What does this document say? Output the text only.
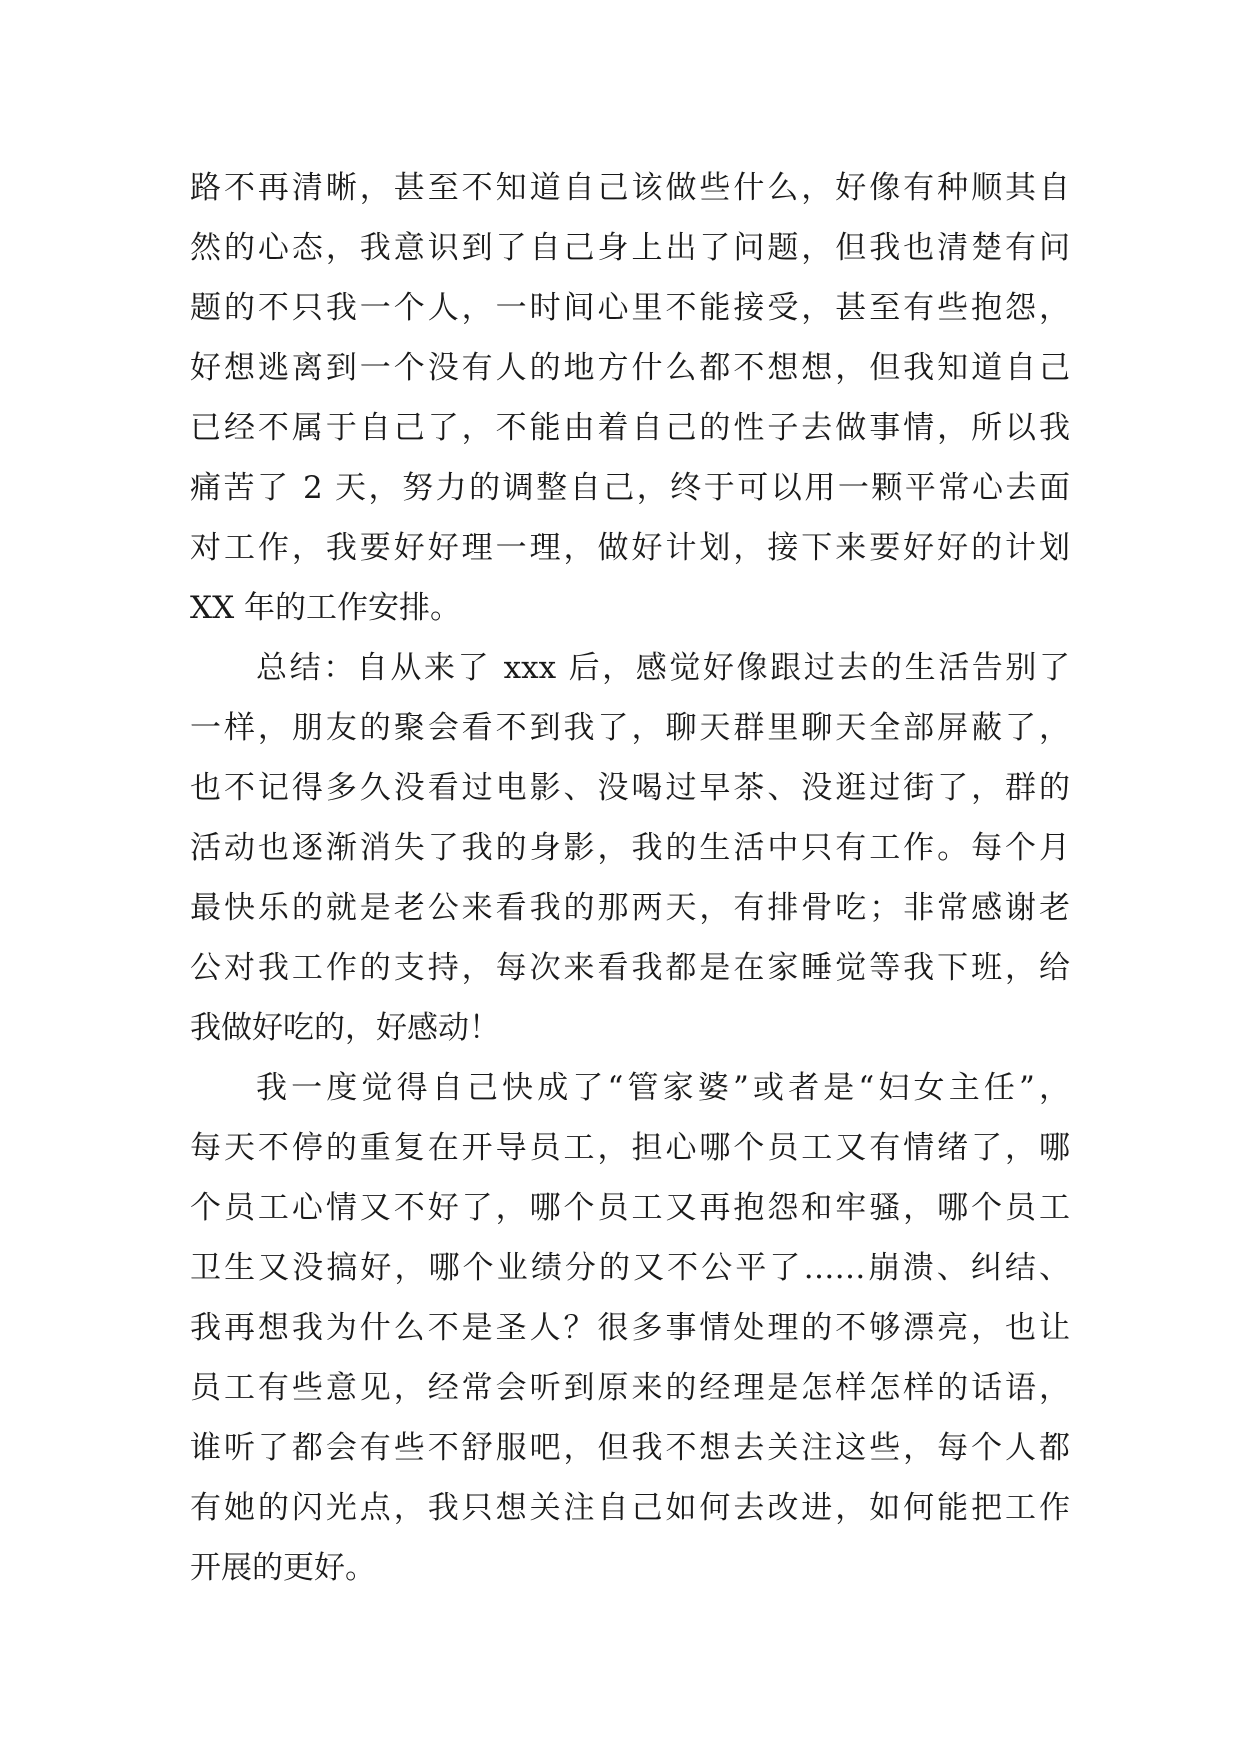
路不再清晰，甚至不知道自己该做些什么，好像有种顺其自
然的心态，我意识到了自己身上出了问题，但我也清楚有问
题的不只我一个人，一时间心里不能接受，甚至有些抱怨，
好想逃离到一个没有人的地方什么都不想想，但我知道自己
已经不属于自己了，不能由着自己的性子去做事情，所以我
痛苦了 2 天，努力的调整自己，终于可以用一颗平常心去面
对工作，我要好好理一理，做好计划，接下来要好好的计划
XX 年的工作安排。
总结：自从来了 xxx 后，感觉好像跟过去的生活告别了
一样，朋友的聚会看不到我了，聊天群里聊天全部屏蔽了，
也不记得多久没看过电影、没喝过早茶、没逛过街了，群的
活动也逐渐消失了我的身影，我的生活中只有工作。每个月
最快乐的就是老公来看我的那两天，有排骨吃；非常感谢老
公对我工作的支持，每次来看我都是在家睡觉等我下班，给
我做好吃的，好感动！
我一度觉得自己快成了“管家婆”或者是“妇女主任”，
每天不停的重复在开导员工，担心哪个员工又有情绪了，哪
个员工心情又不好了，哪个员工又再抱怨和牢骚，哪个员工
卫生又没搞好，哪个业绩分的又不公平了……崩溃、纠结、
我再想我为什么不是圣人？很多事情处理的不够漂亮，也让
员工有些意见，经常会听到原来的经理是怎样怎样的话语，
谁听了都会有些不舒服吧，但我不想去关注这些，每个人都
有她的闪光点，我只想关注自己如何去改进，如何能把工作
开展的更好。
